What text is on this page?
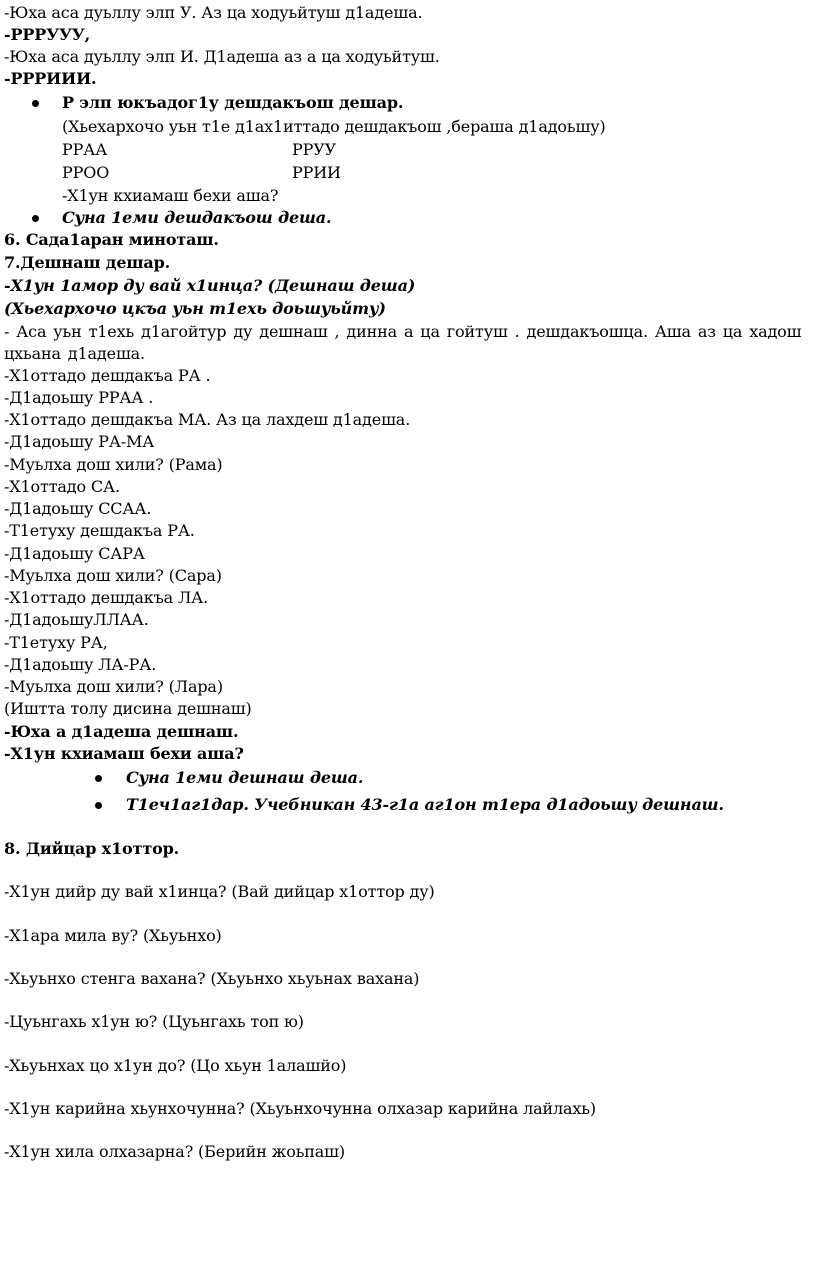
-Юха аса дуьллу элп У. Аз ца ходуьйтуш д1адеша.
-РРРУУУ,
-Юха аса дуьллу элп И. Д1адеша аз а ца ходуьйтуш.
-РРРИИИ.
Р элп юкъадог1у дешдакъош дешар.
(Хьехархочо уьн т1е д1ах1иттадо дешдакъош ,бераша д1адоьшу)
РРАА	РРУУ
РРОО	РРИИ
-Х1ун кхиамаш бехи аша?
Суна 1еми дешдакъош деша.
6. Сада1аран миноташ.
7.Дешнаш дешар.
-Х1ун 1амор ду вай х1инца? (Дешнаш деша)
(Хьехархочо цкъа уьн т1ехь доьшуьйту)
- Аса уьн т1ехь д1агойтур ду дешнаш , динна а ца гойтуш . дешдакъошца. Аша аз ца хадош цхьана д1адеша.
-Х1оттадо дешдакъа РА .
-Д1адоьшу РРАА .
-Х1оттадо дешдакъа МА. Аз ца лахдеш д1адеша.
-Д1адоьшу РА-МА
-Муьлха дош хили? (Рама)
-Х1оттадо СА.
-Д1адоьшу ССАА.
-Т1етуху дешдакъа РА.
-Д1адоьшу САРА
-Муьлха дош хили? (Сара)
-Х1оттадо дешдакъа ЛА.
-Д1адоьшуЛЛАА.
-Т1етуху РА,
-Д1адоьшу ЛА-РА.
-Муьлха дош хили? (Лара)
(Иштта толу дисина дешнаш)
-Юха а д1адеша дешнаш.
-Х1ун кхиамаш бехи аша?
Суна 1еми дешнаш деша.
Т1еч1аг1дар. Учебникан 43-г1а аг1он т1ера д1адоьшу дешнаш.
8. Дийцар х1оттор.
-Х1ун дийр ду вай х1инца? (Вай дийцар х1оттор ду)
-Х1ара мила ву? (Хьуьнхо)
-Хьуьнхо стенга вахана? (Хьуьнхо хьуьнах вахана)
-Цуьнгахь х1ун ю? (Цуьнгахь топ ю)
-Хьуьнхах цо х1ун до? (Цо хьун 1алашйо)
-Х1ун карийна хьунхочунна? (Хьуьнхочунна олхазар карийна лайлахь)
-Х1ун хила олхазарна? (Берийн жоьпаш)
